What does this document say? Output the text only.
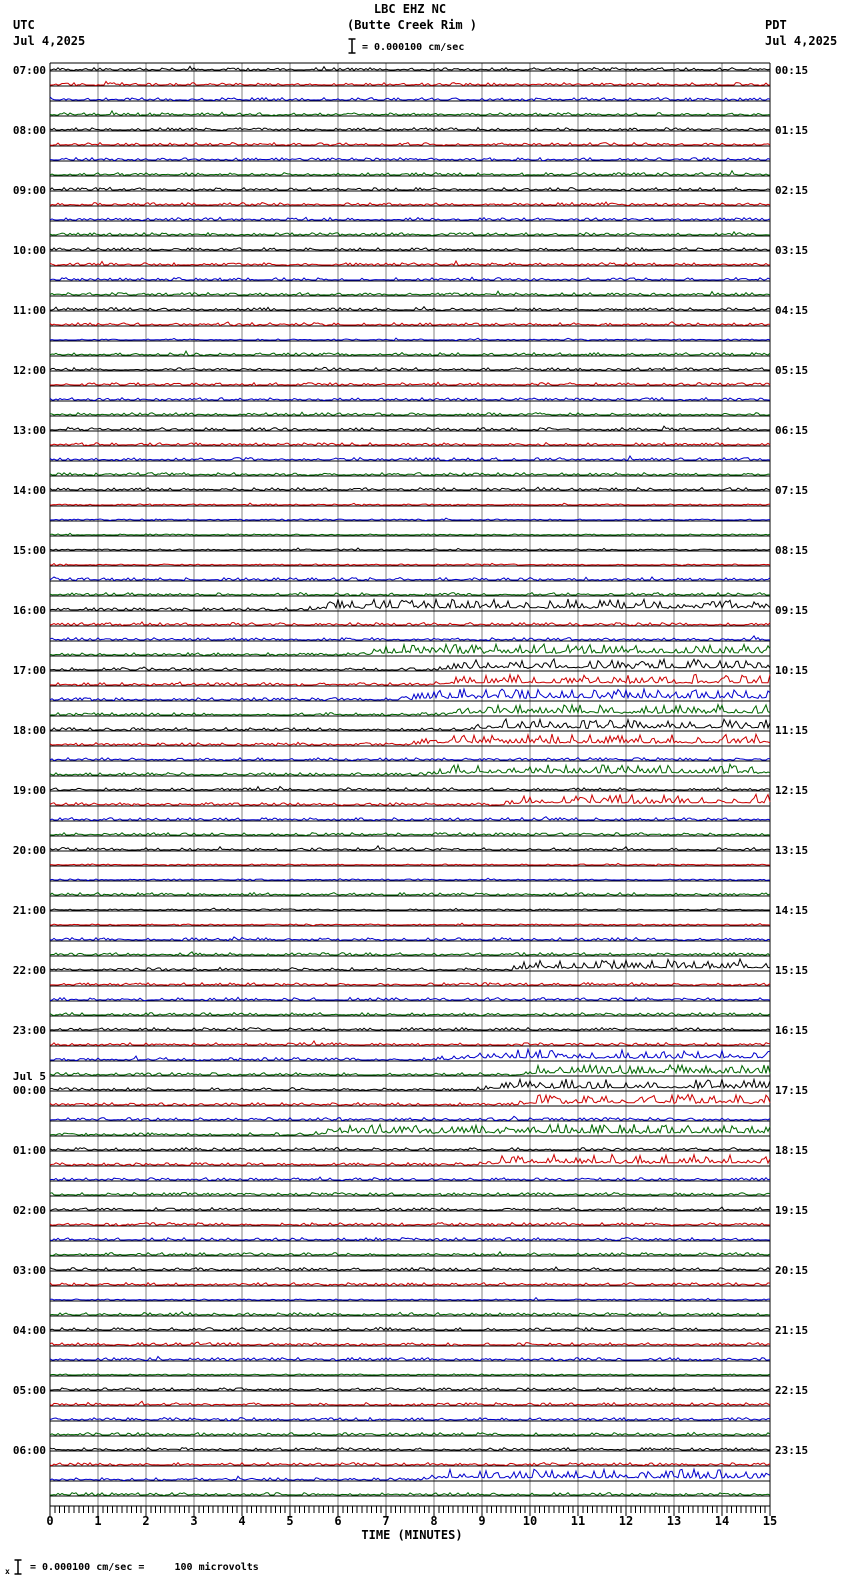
UTC
Jul 4,2025
LBC EHZ NC
(Butte Creek Rim )
= 0.000100 cm/sec
PDT
Jul 4,2025
07:00
08:00
09:00
10:00
11:00
12:00
13:00
14:00
15:00
16:00
17:00
18:00
19:00
20:00
21:00
22:00
23:00
Jul 5
00:00
01:00
02:00
03:00
04:00
05:00
06:00
00:15
01:15
02:15
03:15
04:15
05:15
06:15
07:15
08:15
09:15
10:15
11:15
12:15
13:15
14:15
15:15
16:15
17:15
18:15
19:15
20:15
21:15
22:15
23:15
0	1	2	3	4	5	6	7	8	9	10	11	12	13	14	15
TIME (MINUTES)
x = 0.000100 cm/sec =     100 microvolts
